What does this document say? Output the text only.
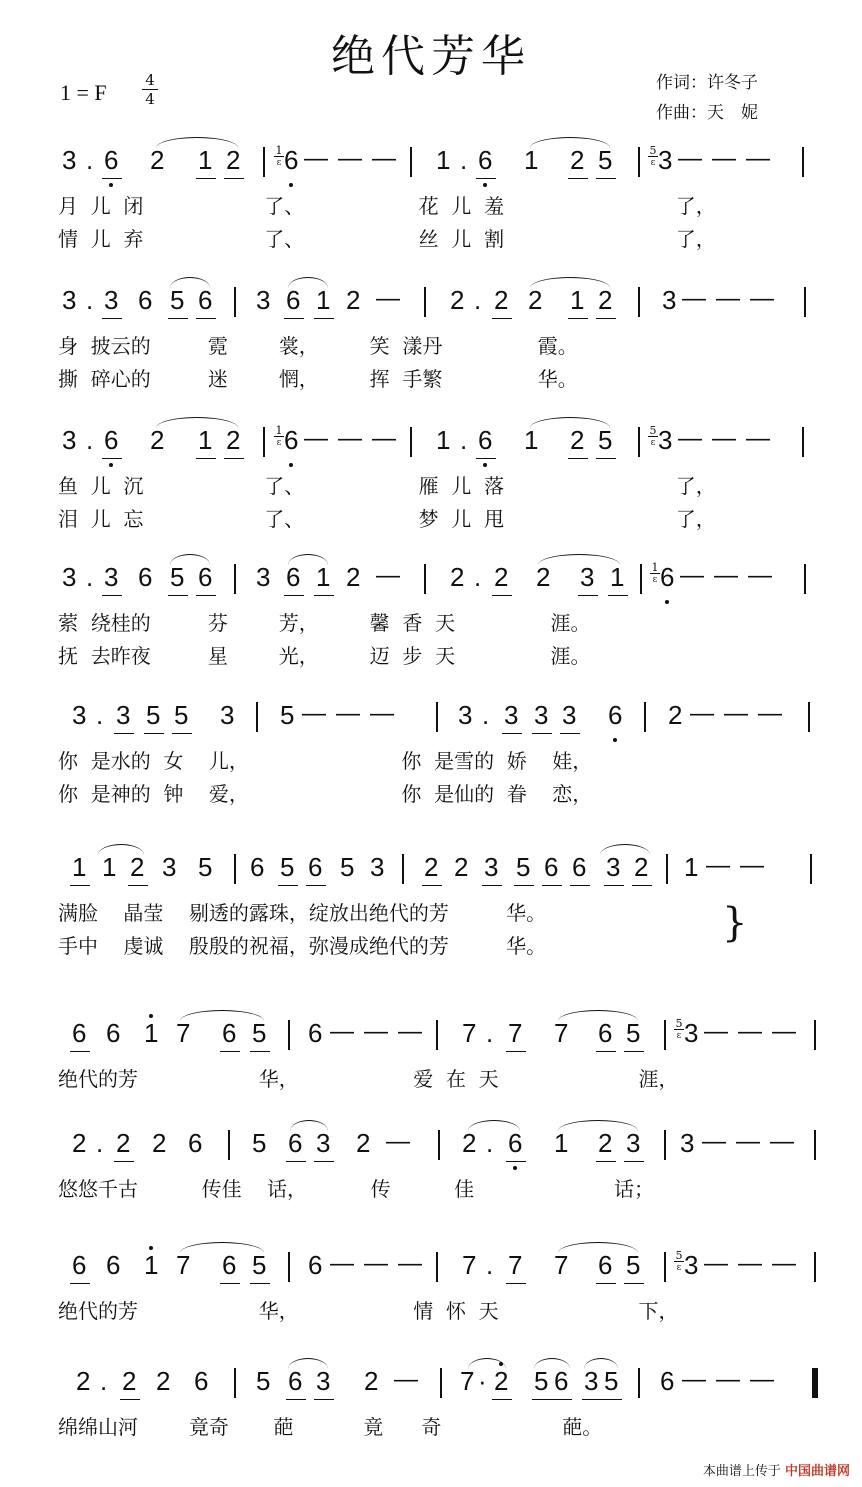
绝代芳华
1 = F	4
4
作词：许冬子
作曲：天　妮
3 . 6 2 1 2	1
ɛ 6 ——— 1 . 6 1 2 5	5
ɛ 3 ———
月  儿  闭                   了、                  花  儿  羞                           了，
情  儿  弃                   了、                  丝  儿  割                           了，
3 . 3 6 5 6 3 6 1 2 — 2 . 2 2 1 2 3 ———
身  披云的         霓        裳，        笑  漾丹               霞。
撕  碎心的         迷        惘，        挥  手繁               华。
3 . 6 2 1 2	1
ɛ 6 ——— 1 . 6 1 2 5	5
ɛ 3 ———
鱼  儿  沉                   了、                  雁  儿  落                           了，
泪  儿  忘                   了、                  梦  儿  甩                           了，
3 . 3 6 5 6 3 6 1 2 — 2 . 2 2 3 1 1
ɛ 6 ———
萦  绕桂的         芬        芳，        馨  香  天               涯。
抚  去昨夜         星        光，        迈  步  天               涯。
3 . 3 5 5 3 5 ——— 3 . 3 3 3 6 2 ———
你  是水的  女    儿，                        你  是雪的  娇    娃，
你  是神的  钟    爱，                        你  是仙的  眷    恋，
1 1 2 3 5 6 5 6 5 3 2 2 3 5 6 6 3 2 1 ——
满脸    晶莹    剔透的露珠，绽放出绝代的芳         华。
手中    虔诚    殷殷的祝福，弥漫成绝代的芳         华。	}
6 6 1 7 6 5 6 ——— 7 . 7 7 6 5	5
ɛ 3 ———
绝代的芳                   华，                  爱  在  天                      涯，
2 . 2 2 6 5 6 3 2 — 2 . 6 1 2 3 3 ———
悠悠千古          传佳    话，          传          佳                      话；
6 6 1 7 6 5 6 ——— 7 . 7 7 6 5	5
ɛ 3 ———
绝代的芳                   华，                  情  怀  天                      下，
2 . 2 2 6 5 6 3 2 — 7 · 2 5 6 3 5 6 ———
绵绵山河        竟奇       葩           竟      奇                   葩。
本曲谱上传于 中国曲谱网
